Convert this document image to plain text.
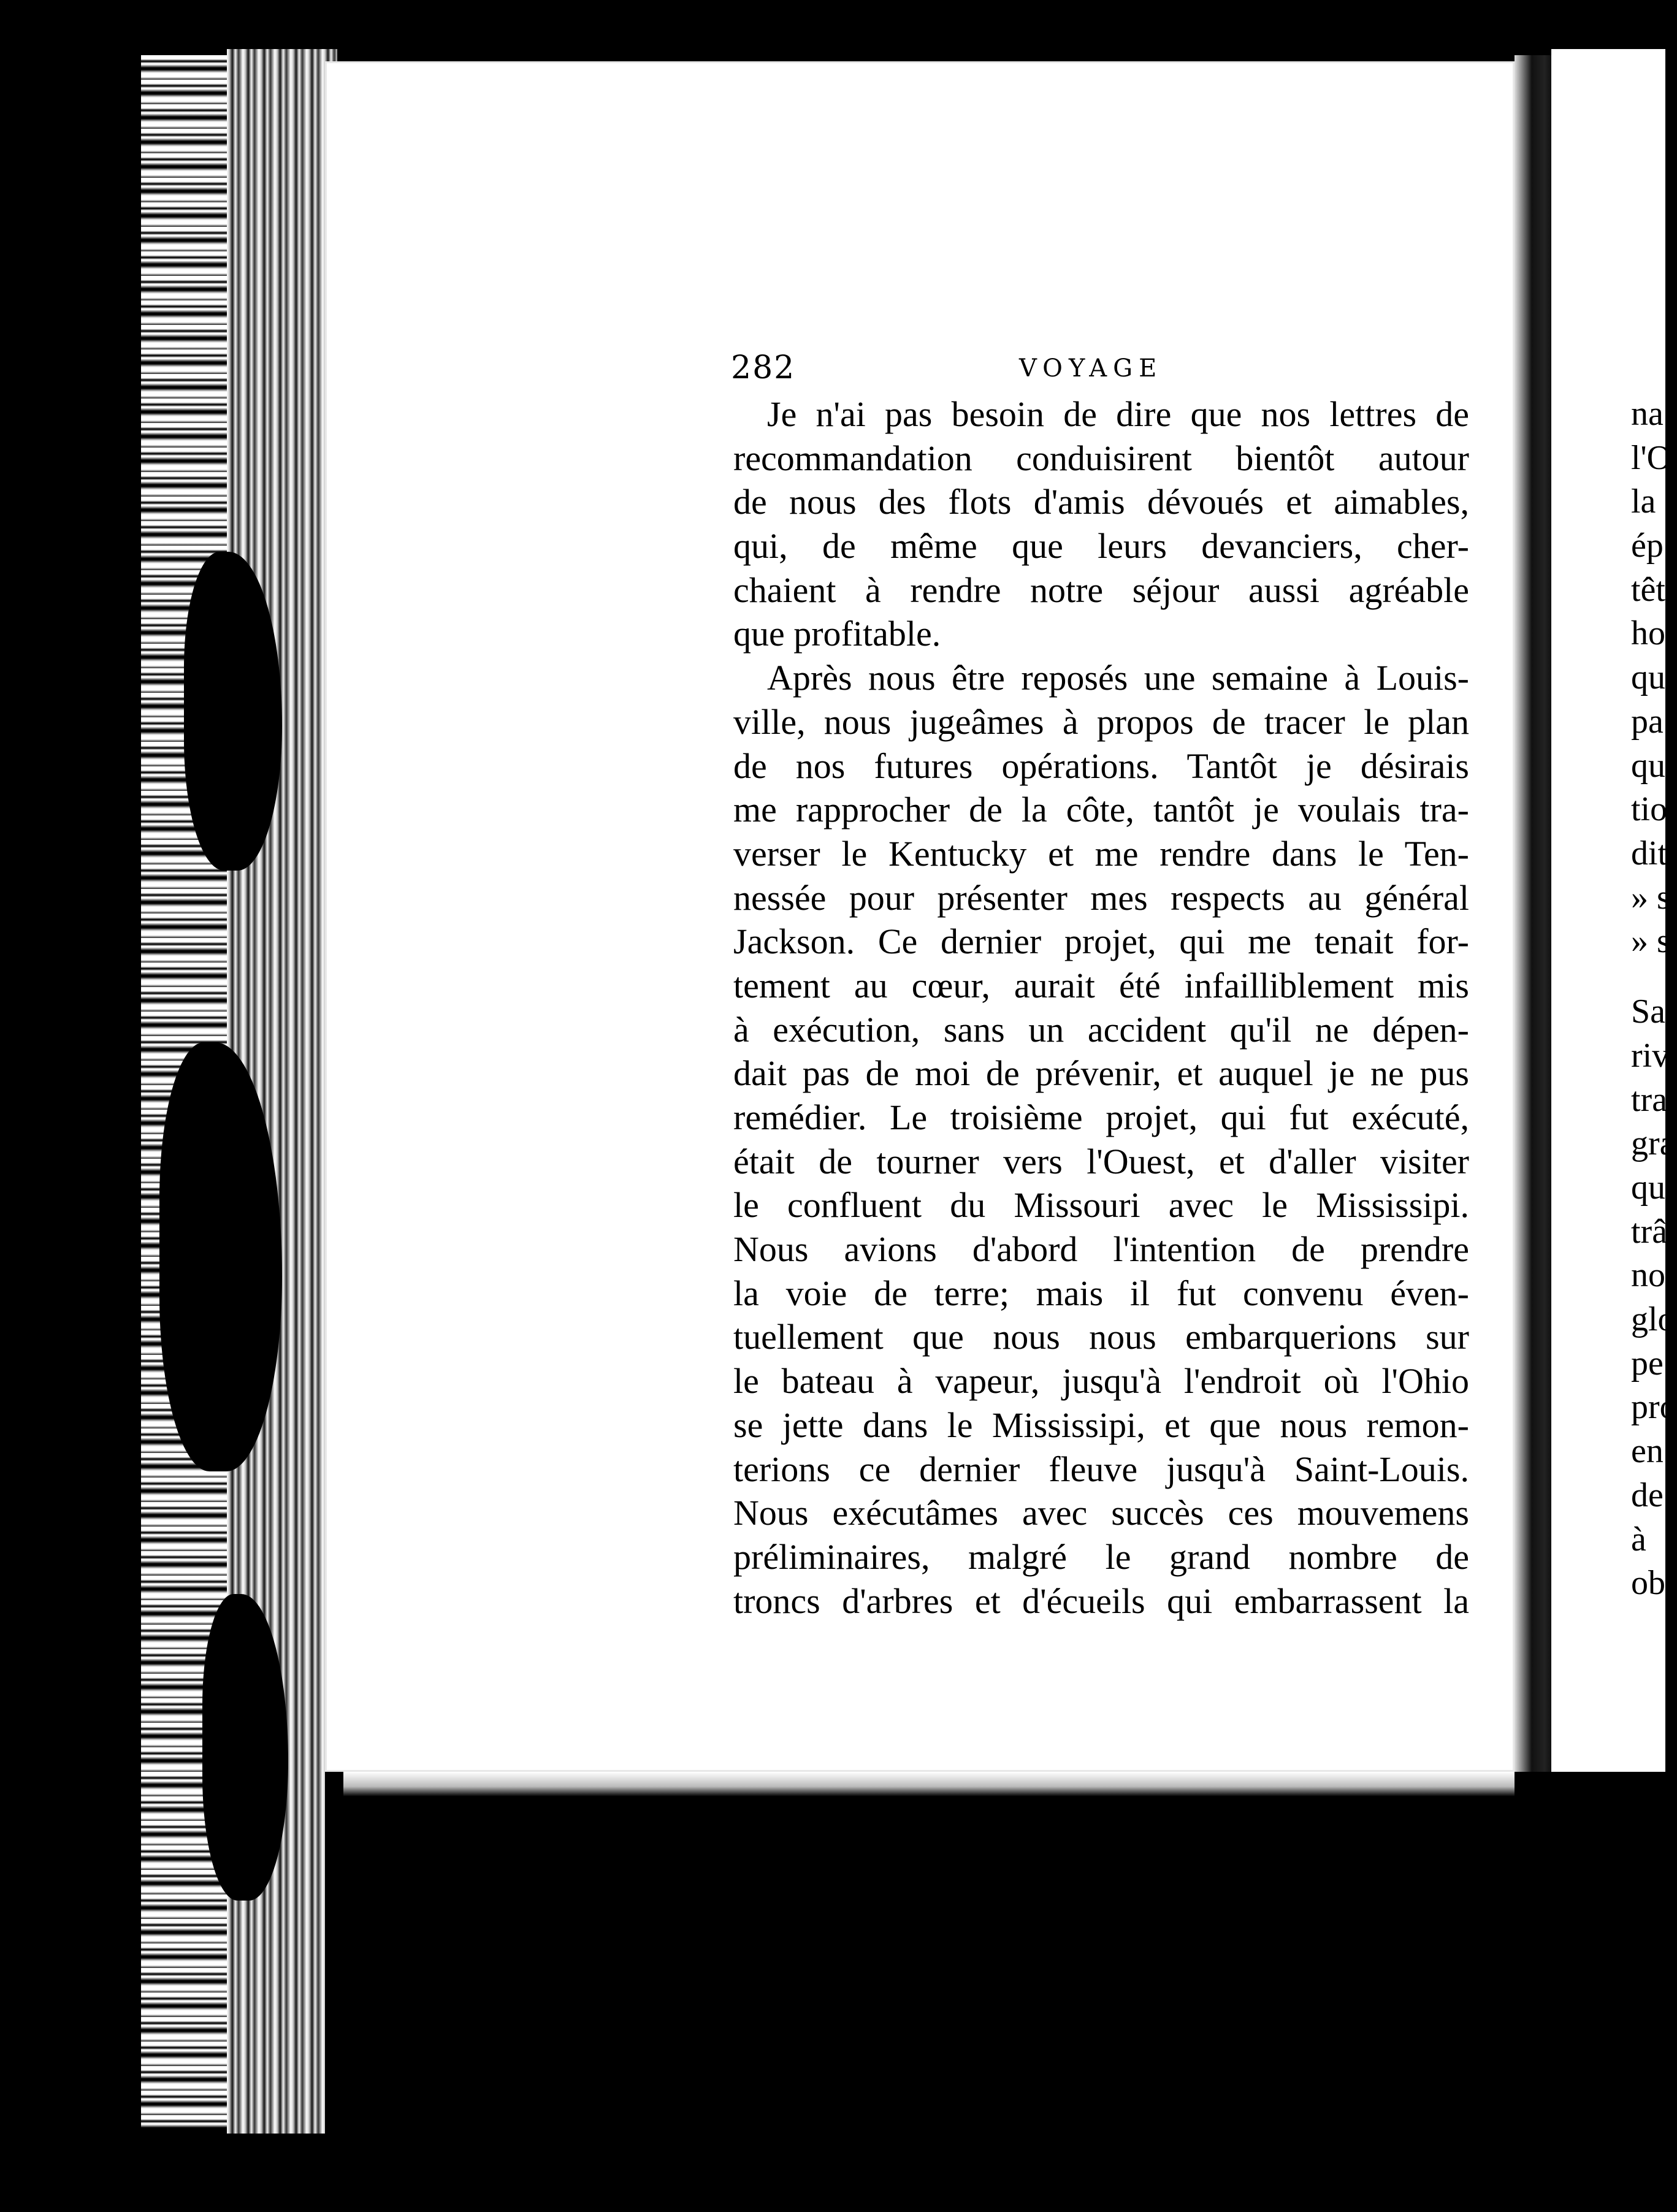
282	VOYAGE
Je n'ai pas besoin de dire que nos lettres de
recommandation conduisirent bientôt autour
de nous des flots d'amis dévoués et aimables,
qui, de même que leurs devanciers, cher-
chaient à rendre notre séjour aussi agréable
que profitable.
Après nous être reposés une semaine à Louis-
ville, nous jugeâmes à propos de tracer le plan
de nos futures opérations. Tantôt je désirais
me rapprocher de la côte, tantôt je voulais tra-
verser le Kentucky et me rendre dans le Ten-
nessée pour présenter mes respects au général
Jackson. Ce dernier projet, qui me tenait for-
tement au cœur, aurait été infailliblement mis
à exécution, sans un accident qu'il ne dépen-
dait pas de moi de prévenir, et auquel je ne pus
remédier. Le troisième projet, qui fut exécuté,
était de tourner vers l'Ouest, et d'aller visiter
le confluent du Missouri avec le Mississipi.
Nous avions d'abord l'intention de prendre
la voie de terre; mais il fut convenu éven-
tuellement que nous nous embarquerions sur
le bateau à vapeur, jusqu'à l'endroit où l'Ohio
se jette dans le Mississipi, et que nous remon-
terions ce dernier fleuve jusqu'à Saint-Louis.
Nous exécutâmes avec succès ces mouvemens
préliminaires, malgré le grand nombre de
troncs d'arbres et d'écueils qui embarrassent la
na
l'O
la
ép
têt
ho
qu
pa
qu
tio
dit
» s
» s
Sa
riv
tra
gra
qu
trâ
no
glo
pe
pro
en
de
à
ob
